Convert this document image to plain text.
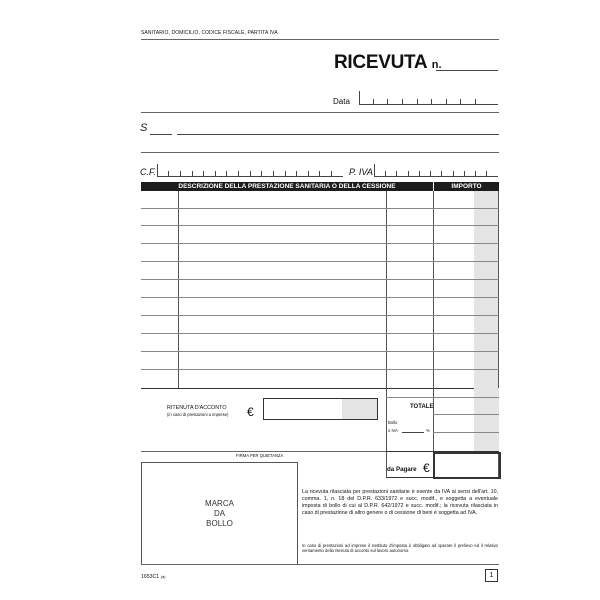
SANITARIO, DOMICILIO, CODICE FISCALE, PARTITA IVA
RICEVUTA n.
Data
S
C.F.	P. IVA
DESCRIZIONE DELLA PRESTAZIONE SANITARIA O DELLA CESSIONE	IMPORTO
RITENUTA D'ACCONTO
(in caso di prestazioni a imprese) €	TOTALE
Bollo
o IVA	%
FIRMA PER QUIETANZA
da Pagare €
MARCA
DA
BOLLO
La ricevuta rilasciata per prestazioni sanitarie è esente da IVA ai sensi dell'art. 10, comma. 1, n. 18 del D.P.R. 633/1972 e succ. modif., e soggetta a eventuale imposta di bollo di cui al D.P.R. 642/1972 e succ. modif.; la ricevuta rilasciata in caso di prestazione di altro genere o di cessione di beni è soggetta ad IVA.
In caso di prestazioni ad imprese il sostituto d'imposta è obbligato ad operare il prelievo ed il relativo versamento della ritenuta di acconto sul lavoro autonomo.
1653C1 (a)	1
